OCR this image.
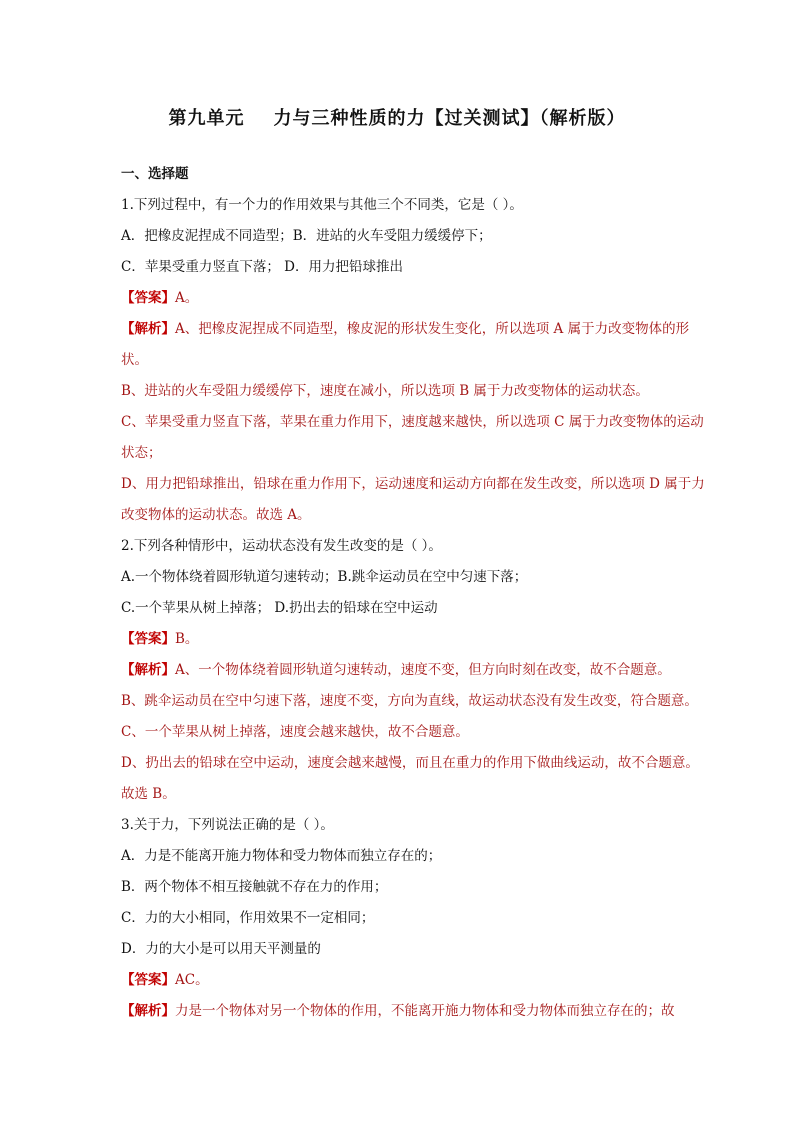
第九单元    力与三种性质的力【过关测试】（解析版）

一、选择题

1.下列过程中，有一个力的作用效果与其他三个不同类，它是（ ）。

A．把橡皮泥捏成不同造型；B．进站的火车受阻力缓缓停下；

C．苹果受重力竖直下落； D．用力把铅球推出

【答案】A。

【解析】A、把橡皮泥捏成不同造型，橡皮泥的形状发生变化，所以选项 A 属于力改变物体的形状。

B、进站的火车受阻力缓缓停下，速度在减小，所以选项 B 属于力改变物体的运动状态。

C、苹果受重力竖直下落，苹果在重力作用下，速度越来越快，所以选项 C 属于力改变物体的运动状态；

D、用力把铅球推出，铅球在重力作用下，运动速度和运动方向都在发生改变，所以选项 D 属于力改变物体的运动状态。故选 A。

2.下列各种情形中，运动状态没有发生改变的是（ ）。

A.一个物体绕着圆形轨道匀速转动；B.跳伞运动员在空中匀速下落；

C.一个苹果从树上掉落； D.扔出去的铅球在空中运动

【答案】B。

【解析】A、一个物体绕着圆形轨道匀速转动，速度不变，但方向时刻在改变，故不合题意。

B、跳伞运动员在空中匀速下落，速度不变，方向为直线，故运动状态没有发生改变，符合题意。

C、一个苹果从树上掉落，速度会越来越快，故不合题意。

D、扔出去的铅球在空中运动，速度会越来越慢，而且在重力的作用下做曲线运动，故不合题意。

故选 B。

3.关于力，下列说法正确的是（ ）。

A．力是不能离开施力物体和受力物体而独立存在的；

B．两个物体不相互接触就不存在力的作用；

C．力的大小相同，作用效果不一定相同；

D．力的大小是可以用天平测量的

【答案】AC。

【解析】力是一个物体对另一个物体的作用，不能离开施力物体和受力物体而独立存在的；故
